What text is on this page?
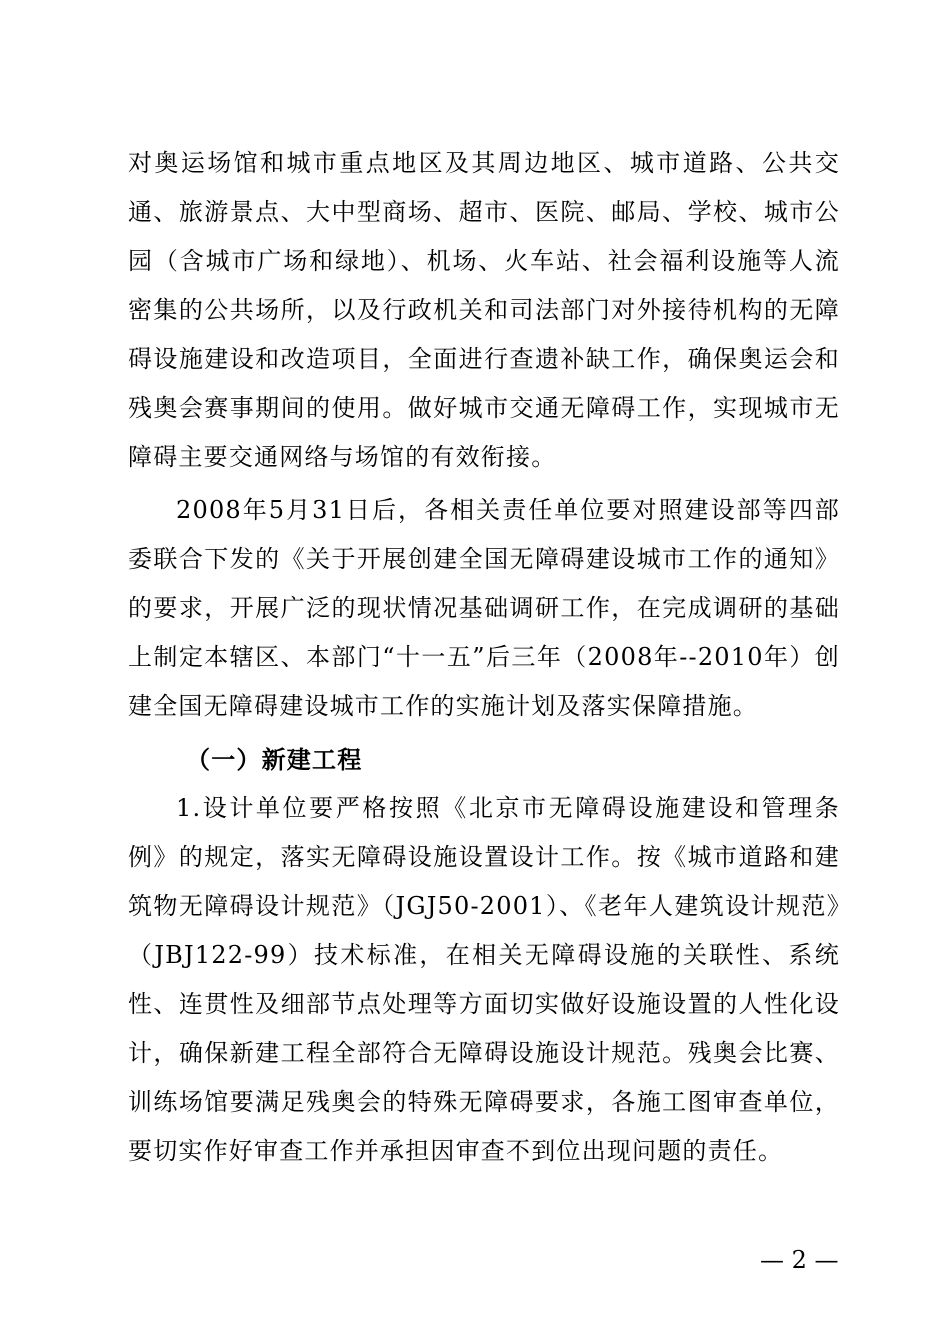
对奥运场馆和城市重点地区及其周边地区、城市道路、公共交通、旅游景点、大中型商场、超市、医院、邮局、学校、城市公园（含城市广场和绿地）、机场、火车站、社会福利设施等人流密集的公共场所，以及行政机关和司法部门对外接待机构的无障碍设施建设和改造项目，全面进行查遗补缺工作，确保奥运会和残奥会赛事期间的使用。做好城市交通无障碍工作，实现城市无障碍主要交通网络与场馆的有效衔接。

2008年5月31日后，各相关责任单位要对照建设部等四部委联合下发的《关于开展创建全国无障碍建设城市工作的通知》的要求，开展广泛的现状情况基础调研工作，在完成调研的基础上制定本辖区、本部门“十一五”后三年（2008年--2010年）创建全国无障碍建设城市工作的实施计划及落实保障措施。

（一）新建工程

1.设计单位要严格按照《北京市无障碍设施建设和管理条例》的规定，落实无障碍设施设置设计工作。按《城市道路和建筑物无障碍设计规范》（JGJ50-2001）、《老年人建筑设计规范》（JBJ122-99）技术标准，在相关无障碍设施的关联性、系统性、连贯性及细部节点处理等方面切实做好设施设置的人性化设计，确保新建工程全部符合无障碍设施设计规范。残奥会比赛、训练场馆要满足残奥会的特殊无障碍要求，各施工图审查单位，要切实作好审查工作并承担因审查不到位出现问题的责任。

— 2 —
